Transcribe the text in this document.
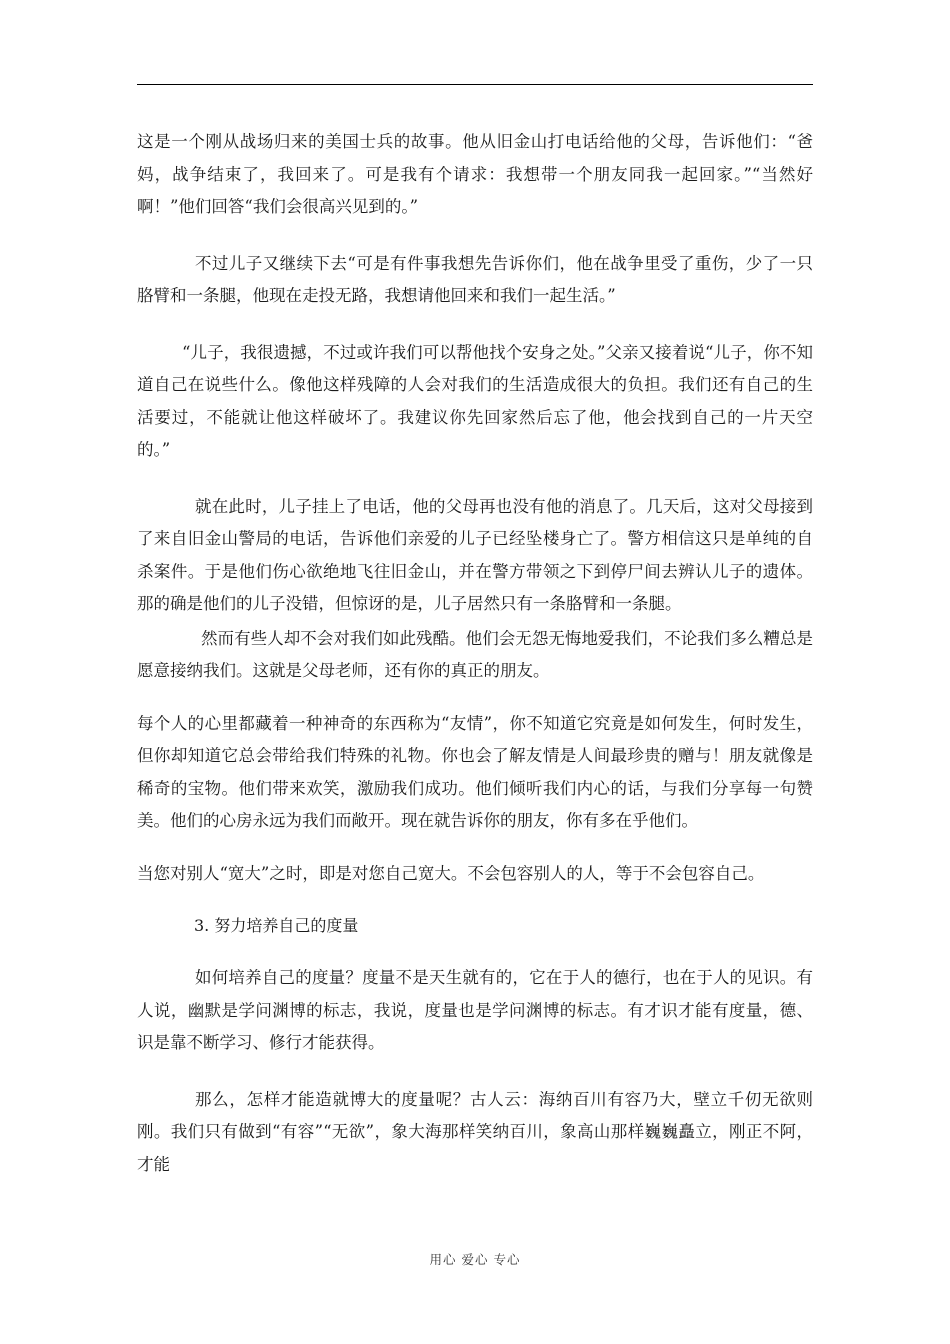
这是一个刚从战场归来的美国士兵的故事。他从旧金山打电话给他的父母，告诉他们：“爸妈，战争结束了，我回来了。可是我有个请求：我想带一个朋友同我一起回家。”“当然好啊！”他们回答“我们会很高兴见到的。”

不过儿子又继续下去“可是有件事我想先告诉你们，他在战争里受了重伤，少了一只胳臂和一条腿，他现在走投无路，我想请他回来和我们一起生活。”

“儿子，我很遗撼，不过或许我们可以帮他找个安身之处。”父亲又接着说“儿子，你不知道自己在说些什么。像他这样残障的人会对我们的生活造成很大的负担。我们还有自己的生活要过，不能就让他这样破坏了。我建议你先回家然后忘了他，他会找到自己的一片天空的。”

就在此时，儿子挂上了电话，他的父母再也没有他的消息了。几天后，这对父母接到了来自旧金山警局的电话，告诉他们亲爱的儿子已经坠楼身亡了。警方相信这只是单纯的自杀案件。于是他们伤心欲绝地飞往旧金山，并在警方带领之下到停尸间去辨认儿子的遗体。那的确是他们的儿子没错，但惊讶的是，儿子居然只有一条胳臂和一条腿。

然而有些人却不会对我们如此残酷。他们会无怨无悔地爱我们，不论我们多么糟总是愿意接纳我们。这就是父母老师，还有你的真正的朋友。

每个人的心里都藏着一种神奇的东西称为“友情”，你不知道它究竟是如何发生，何时发生，但你却知道它总会带给我们特殊的礼物。你也会了解友情是人间最珍贵的赠与！朋友就像是稀奇的宝物。他们带来欢笑，激励我们成功。他们倾听我们内心的话，与我们分享每一句赞美。他们的心房永远为我们而敞开。现在就告诉你的朋友，你有多在乎他们。

当您对别人“宽大”之时，即是对您自己宽大。不会包容别人的人，等于不会包容自己。

3. 努力培养自己的度量

如何培养自己的度量？度量不是天生就有的，它在于人的德行，也在于人的见识。有人说，幽默是学问渊博的标志，我说，度量也是学问渊博的标志。有才识才能有度量，德、识是靠不断学习、修行才能获得。

那么，怎样才能造就博大的度量呢？古人云：海纳百川有容乃大，壁立千仞无欲则刚。我们只有做到“有容”“无欲”，象大海那样笑纳百川，象高山那样巍巍矗立，刚正不阿，才能

用心 爱心 专心
